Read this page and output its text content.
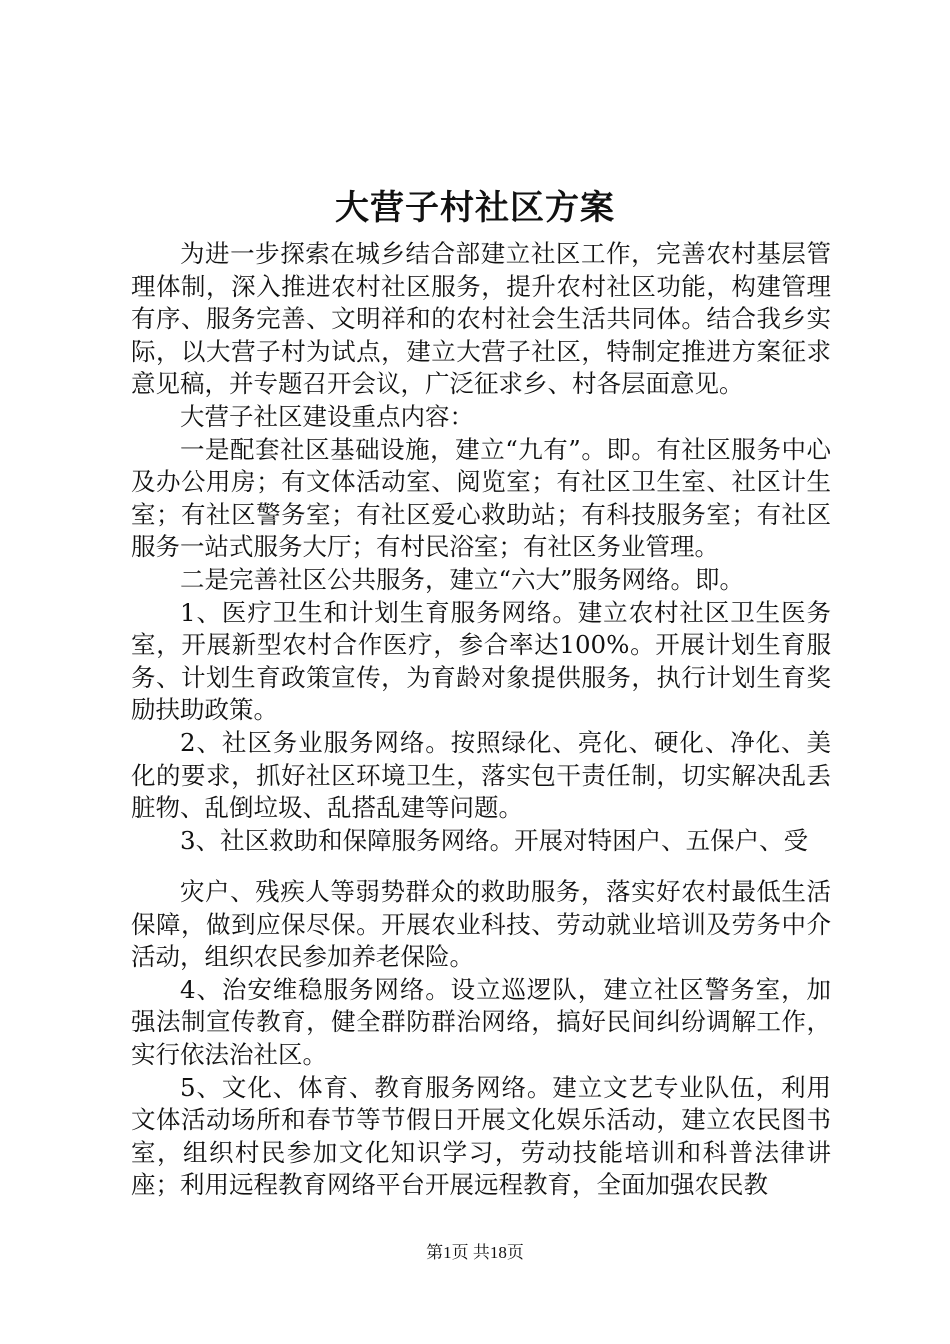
大营子村社区方案

为进一步探索在城乡结合部建立社区工作，完善农村基层管理体制，深入推进农村社区服务，提升农村社区功能，构建管理有序、服务完善、文明祥和的农村社会生活共同体。结合我乡实际，以大营子村为试点，建立大营子社区，特制定推进方案征求意见稿，并专题召开会议，广泛征求乡、村各层面意见。

大营子社区建设重点内容：

一是配套社区基础设施，建立“九有”。即。有社区服务中心及办公用房；有文体活动室、阅览室；有社区卫生室、社区计生室；有社区警务室；有社区爱心救助站；有科技服务室；有社区服务一站式服务大厅；有村民浴室；有社区务业管理。

二是完善社区公共服务，建立“六大”服务网络。即。

1、医疗卫生和计划生育服务网络。建立农村社区卫生医务室，开展新型农村合作医疗，参合率达100%。开展计划生育服务、计划生育政策宣传，为育龄对象提供服务，执行计划生育奖励扶助政策。

2、社区务业服务网络。按照绿化、亮化、硬化、净化、美化的要求，抓好社区环境卫生，落实包干责任制，切实解决乱丢脏物、乱倒垃圾、乱搭乱建等问题。

3、社区救助和保障服务网络。开展对特困户、五保户、受

灾户、残疾人等弱势群众的救助服务，落实好农村最低生活保障，做到应保尽保。开展农业科技、劳动就业培训及劳务中介活动，组织农民参加养老保险。

4、治安维稳服务网络。设立巡逻队，建立社区警务室，加强法制宣传教育，健全群防群治网络，搞好民间纠纷调解工作，实行依法治社区。

5、文化、体育、教育服务网络。建立文艺专业队伍，利用文体活动场所和春节等节假日开展文化娱乐活动，建立农民图书室，组织村民参加文化知识学习，劳动技能培训和科普法律讲座；利用远程教育网络平台开展远程教育，全面加强农民教

第1页 共18页
